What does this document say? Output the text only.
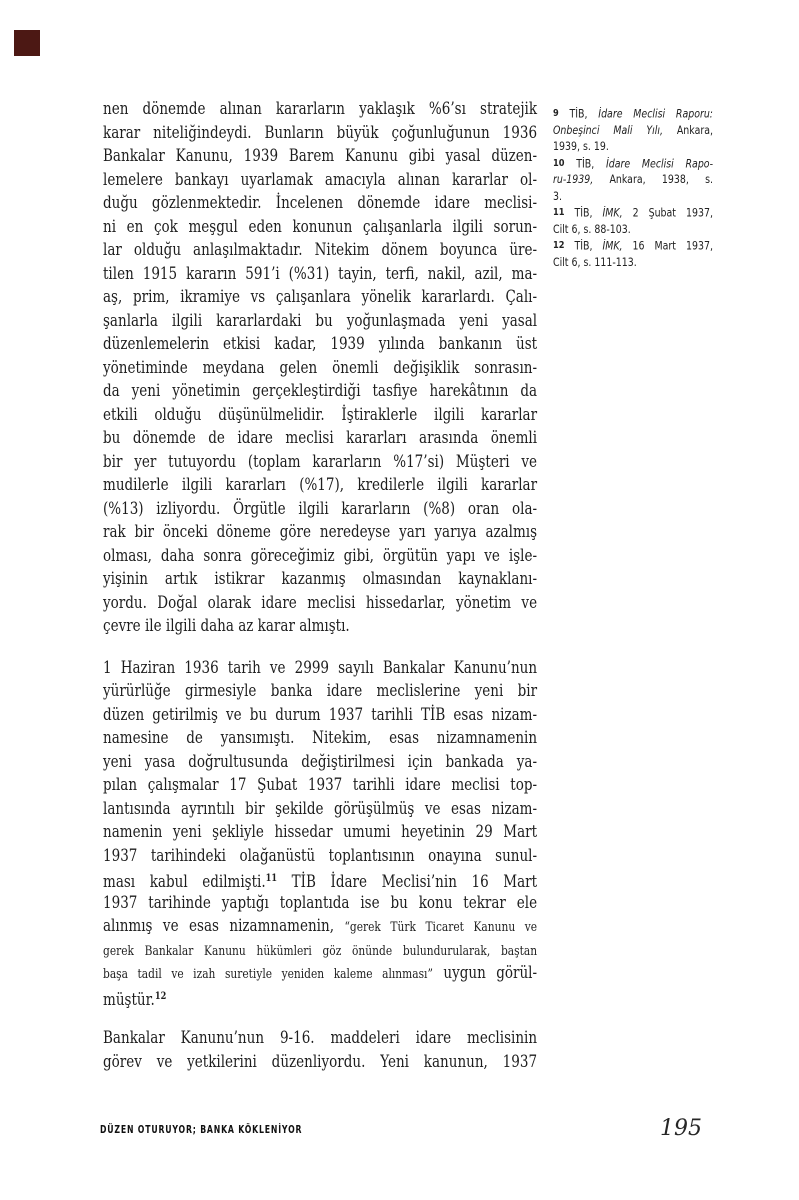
nen dönemde alınan kararların yaklaşık %6’sı stratejik
karar niteliğindeydi. Bunların büyük çoğunluğunun 1936
Bankalar Kanunu, 1939 Barem Kanunu gibi yasal düzen-
lemelere bankayı uyarlamak amacıyla alınan kararlar ol-
duğu gözlenmektedir. İncelenen dönemde idare meclisi-
ni en çok meşgul eden konunun çalışanlarla ilgili sorun-
lar olduğu anlaşılmaktadır. Nitekim dönem boyunca üre-
tilen 1915 kararın 591’i (%31) tayin, terfi, nakil, azil, ma-
aş, prim, ikramiye vs çalışanlara yönelik kararlardı. Çalı-
şanlarla ilgili kararlardaki bu yoğunlaşmada yeni yasal
düzenlemelerin etkisi kadar, 1939 yılında bankanın üst
yönetiminde meydana gelen önemli değişiklik sonrasın-
da yeni yönetimin gerçekleştirdiği tasfiye harekâtının da
etkili olduğu düşünülmelidir. İştiraklerle ilgili kararlar
bu dönemde de idare meclisi kararları arasında önemli
bir yer tutuyordu (toplam kararların %17’si) Müşteri ve
mudilerle ilgili kararları (%17), kredilerle ilgili kararlar
(%13) izliyordu. Örgütle ilgili kararların (%8) oran ola-
rak bir önceki döneme göre neredeyse yarı yarıya azalmış
olması, daha sonra göreceğimiz gibi, örgütün yapı ve işle-
yişinin artık istikrar kazanmış olmasından kaynaklanı-
yordu. Doğal olarak idare meclisi hissedarlar, yönetim ve
çevre ile ilgili daha az karar almıştı.
1 Haziran 1936 tarih ve 2999 sayılı Bankalar Kanunu’nun
yürürlüğe girmesiyle banka idare meclislerine yeni bir
düzen getirilmiş ve bu durum 1937 tarihli TİB esas nizam-
namesine de yansımıştı. Nitekim, esas nizamnamenin
yeni yasa doğrultusunda değiştirilmesi için bankada ya-
pılan çalışmalar 17 Şubat 1937 tarihli idare meclisi top-
lantısında ayrıntılı bir şekilde görüşülmüş ve esas nizam-
namenin yeni şekliyle hissedar umumi heyetinin 29 Mart
1937 tarihindeki olağanüstü toplantısının onayına sunul-
ması kabul edilmişti.$^{11}$ TİB İdare Meclisi’nin 16 Mart
1937 tarihinde yaptığı toplantıda ise bu konu tekrar ele
alınmış ve esas nizamnamenin, “gerek Türk Ticaret Kanunu ve
gerek Bankalar Kanunu hükümleri göz önünde bulundurularak, baştan
başa tadil ve izah suretiyle yeniden kaleme alınması” uygun görül-
müştür.$^{12}$
Bankalar Kanunu’nun 9-16. maddeleri idare meclisinin
görev ve yetkilerini düzenliyordu. Yeni kanunun, 1937
9 TİB, İdare Meclisi Raporu:
Onbeşinci Mali Yılı, Ankara,
1939, s. 19.
10 TİB, İdare Meclisi Rapo-
ru-1939, Ankara, 1938, s.
3.
11 TİB, İMK, 2 Şubat 1937,
Cilt 6, s. 88-103.
12 TİB, İMK, 16 Mart 1937,
Cilt 6, s. 111-113.
DÜZEN OTURUYOR; BANKA KÖKLENİYOR	195
